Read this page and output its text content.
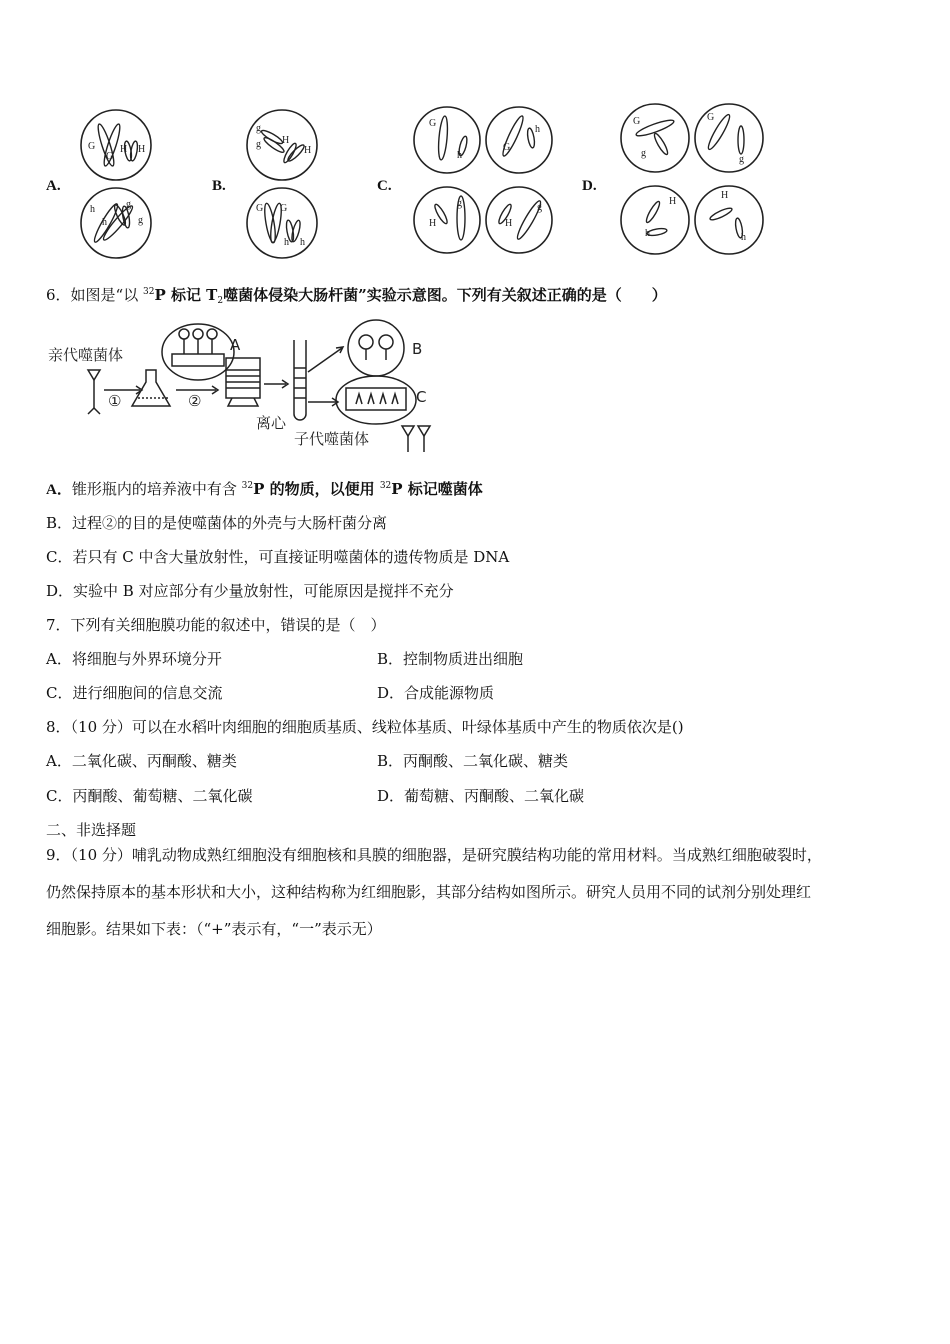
A.
G
G
H H
h
h
g
g
B.
g
g H
H
G G
h h
C.
G
h
G
h
H
g
H
g
D.
G
g
G
g
H
h
H
h
6．如图是“以 $^{32}$P 标记 $T_2$噬菌体侵染大肠杆菌”实验示意图。下列有关叙述正确的是（　　）
亲代噬菌体
①	②
A
离心
B
C
子代噬菌体
A．锥形瓶内的培养液中有含 $^{32}$P 的物质，以便用 $^{32}$P 标记噬菌体
B．过程②的目的是使噬菌体的外壳与大肠杆菌分离
C．若只有 C 中含大量放射性，可直接证明噬菌体的遗传物质是 DNA
D．实验中 B 对应部分有少量放射性，可能原因是搅拌不充分
7．下列有关细胞膜功能的叙述中，错误的是（　）
A．将细胞与外界环境分开	B．控制物质进出细胞
C．进行细胞间的信息交流	D．合成能源物质
8．（10 分）可以在水稻叶肉细胞的细胞质基质、线粒体基质、叶绿体基质中产生的物质依次是()
A．二氧化碳、丙酮酸、糖类	B．丙酮酸、二氧化碳、糖类
C．丙酮酸、葡萄糖、二氧化碳	D．葡萄糖、丙酮酸、二氧化碳
二、非选择题
9．（10 分）哺乳动物成熟红细胞没有细胞核和具膜的细胞器，是研究膜结构功能的常用材料。当成熟红细胞破裂时，
仍然保持原本的基本形状和大小，这种结构称为红细胞影，其部分结构如图所示。研究人员用不同的试剂分别处理红
细胞影。结果如下表：（“+”表示有，“一”表示无）
